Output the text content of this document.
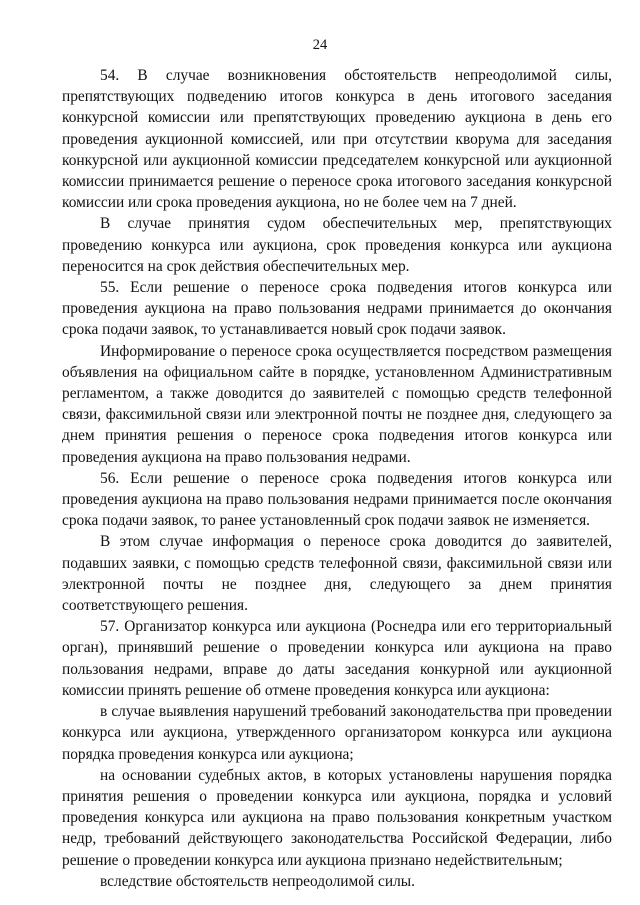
24

54. В случае возникновения обстоятельств непреодолимой силы, препятствующих подведению итогов конкурса в день итогового заседания конкурсной комиссии или препятствующих проведению аукциона в день его проведения аукционной комиссией, или при отсутствии кворума для заседания конкурсной или аукционной комиссии председателем конкурсной или аукционной комиссии принимается решение о переносе срока итогового заседания конкурсной комиссии или срока проведения аукциона, но не более чем на 7 дней.

В случае принятия судом обеспечительных мер, препятствующих проведению конкурса или аукциона, срок проведения конкурса или аукциона переносится на срок действия обеспечительных мер.

55. Если решение о переносе срока подведения итогов конкурса или проведения аукциона на право пользования недрами принимается до окончания срока подачи заявок, то устанавливается новый срок подачи заявок.

Информирование о переносе срока осуществляется посредством размещения объявления на официальном сайте в порядке, установленном Административным регламентом, а также доводится до заявителей с помощью средств телефонной связи, факсимильной связи или электронной почты не позднее дня, следующего за днем принятия решения о переносе срока подведения итогов конкурса или проведения аукциона на право пользования недрами.

56. Если решение о переносе срока подведения итогов конкурса или проведения аукциона на право пользования недрами принимается после окончания срока подачи заявок, то ранее установленный срок подачи заявок не изменяется.

В этом случае информация о переносе срока доводится до заявителей, подавших заявки, с помощью средств телефонной связи, факсимильной связи или электронной почты не позднее дня, следующего за днем принятия соответствующего решения.

57. Организатор конкурса или аукциона (Роснедра или его территориальный орган), принявший решение о проведении конкурса или аукциона на право пользования недрами, вправе до даты заседания конкурной или аукционной комиссии принять решение об отмене проведения конкурса или аукциона:

в случае выявления нарушений требований законодательства при проведении конкурса или аукциона, утвержденного организатором конкурса или аукциона порядка проведения конкурса или аукциона;

на основании судебных актов, в которых установлены нарушения порядка принятия решения о проведении конкурса или аукциона, порядка и условий проведения конкурса или аукциона на право пользования конкретным участком недр, требований действующего законодательства Российской Федерации, либо решение о проведении конкурса или аукциона признано недействительным;

вследствие обстоятельств непреодолимой силы.
